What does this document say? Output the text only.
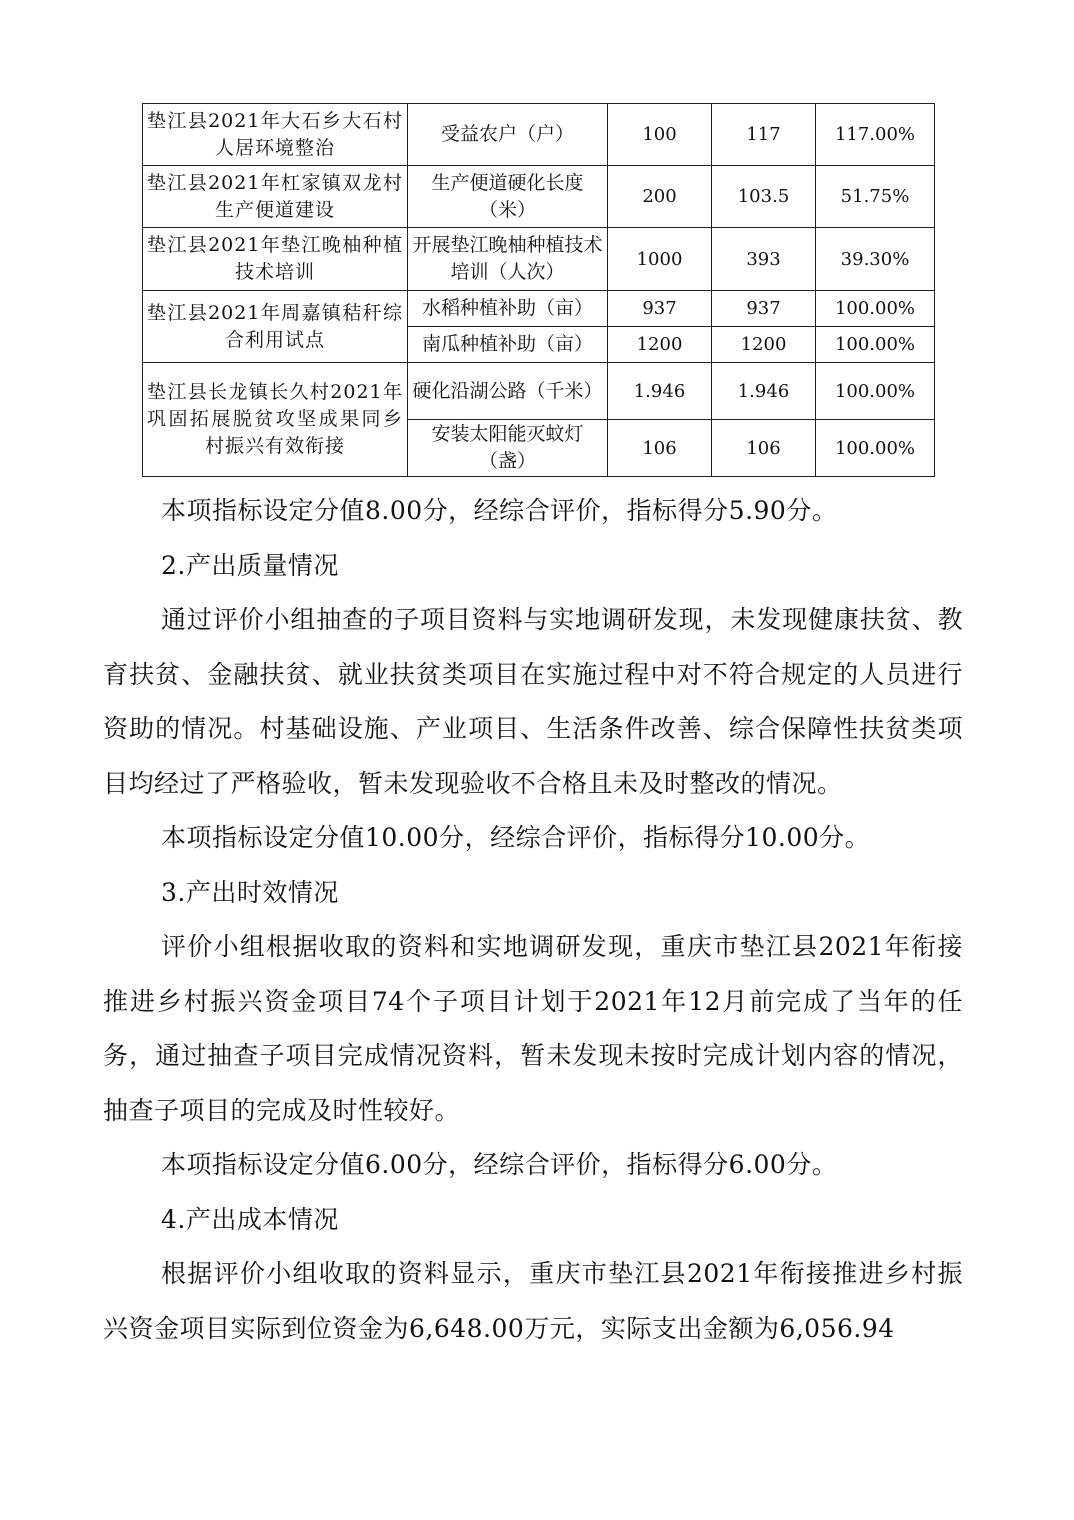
垫江县2021年大石乡大石村人居环境整治	受益农户（户）	100	117	117.00%
垫江县2021年杠家镇双龙村生产便道建设	生产便道硬化长度（米）	200	103.5	51.75%
垫江县2021年垫江晚柚种植技术培训	开展垫江晚柚种植技术培训（人次）	1000	393	39.30%
垫江县2021年周嘉镇秸秆综合利用试点	水稻种植补助（亩）	937	937	100.00%
	南瓜种植补助（亩）	1200	1200	100.00%
垫江县长龙镇长久村2021年巩固拓展脱贫攻坚成果同乡村振兴有效衔接	硬化沿湖公路（千米）	1.946	1.946	100.00%
	安装太阳能灭蚊灯（盏）	106	106	100.00%

本项指标设定分值8.00分，经综合评价，指标得分5.90分。

2.产出质量情况

通过评价小组抽查的子项目资料与实地调研发现，未发现健康扶贫、教育扶贫、金融扶贫、就业扶贫类项目在实施过程中对不符合规定的人员进行资助的情况。村基础设施、产业项目、生活条件改善、综合保障性扶贫类项目均经过了严格验收，暂未发现验收不合格且未及时整改的情况。

本项指标设定分值10.00分，经综合评价，指标得分10.00分。

3.产出时效情况

评价小组根据收取的资料和实地调研发现，重庆市垫江县2021年衔接推进乡村振兴资金项目74个子项目计划于2021年12月前完成了当年的任务，通过抽查子项目完成情况资料，暂未发现未按时完成计划内容的情况，抽查子项目的完成及时性较好。

本项指标设定分值6.00分，经综合评价，指标得分6.00分。

4.产出成本情况

根据评价小组收取的资料显示，重庆市垫江县2021年衔接推进乡村振兴资金项目实际到位资金为6,648.00万元，实际支出金额为6,056.94
